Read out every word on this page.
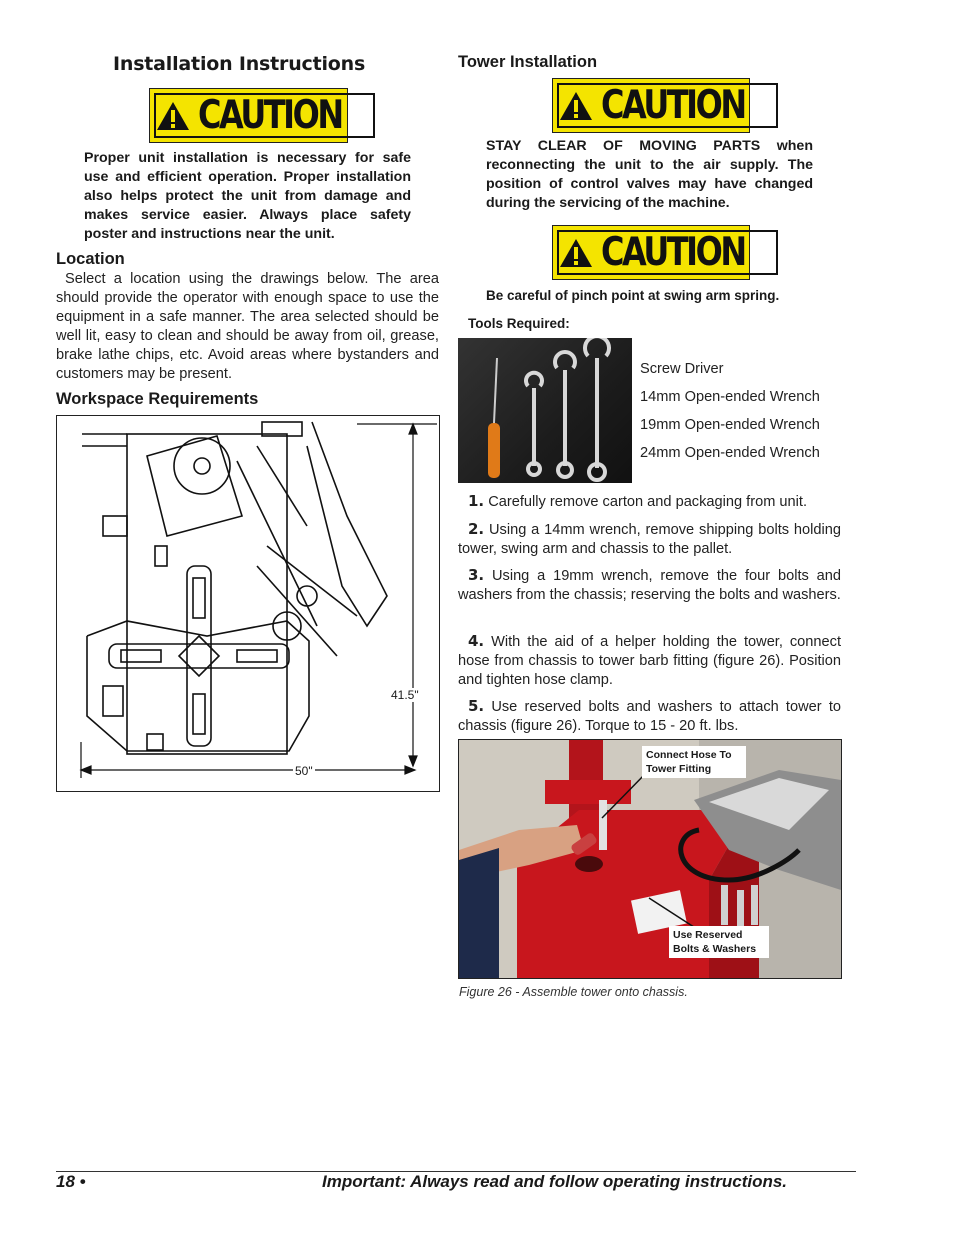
Installation Instructions
CAUTION
Proper unit installation is necessary for safe use and efficient operation. Proper installation also helps protect the unit from damage and makes service easier. Always place safety poster and instructions near the unit.
Location
Select a location using the drawings below. The area should provide the operator with enough space to use the equipment in a safe manner. The area selected should be well lit, easy to clean and should be away from oil, grease, brake lathe chips, etc. Avoid areas where bystanders and customers may be present.
Workspace Requirements
41.5"
50"
Tower Installation
CAUTION
STAY CLEAR OF MOVING PARTS when reconnecting the unit to the air supply. The position of control valves may have changed during the servicing of the machine.
CAUTION
Be careful of pinch point at swing arm spring.
Tools Required:
Screw Driver
14mm Open-ended Wrench
19mm Open-ended Wrench
24mm Open-ended Wrench
1. Carefully remove carton and packaging from unit.
2. Using a 14mm wrench, remove shipping bolts holding tower, swing arm and chassis to the pallet.
3. Using a 19mm wrench, remove the four bolts and washers from the chassis; reserving the bolts and washers.
4. With the aid of a helper holding the tower, connect hose from chassis to tower barb fitting (figure 26). Position and tighten hose clamp.
5. Use reserved bolts and washers to attach tower to chassis (figure 26). Torque to 15 - 20 ft. lbs.
Connect Hose To Tower Fitting
Use Reserved Bolts & Washers
Figure 26 - Assemble tower onto chassis.
18 •	Important: Always read and follow operating instructions.
